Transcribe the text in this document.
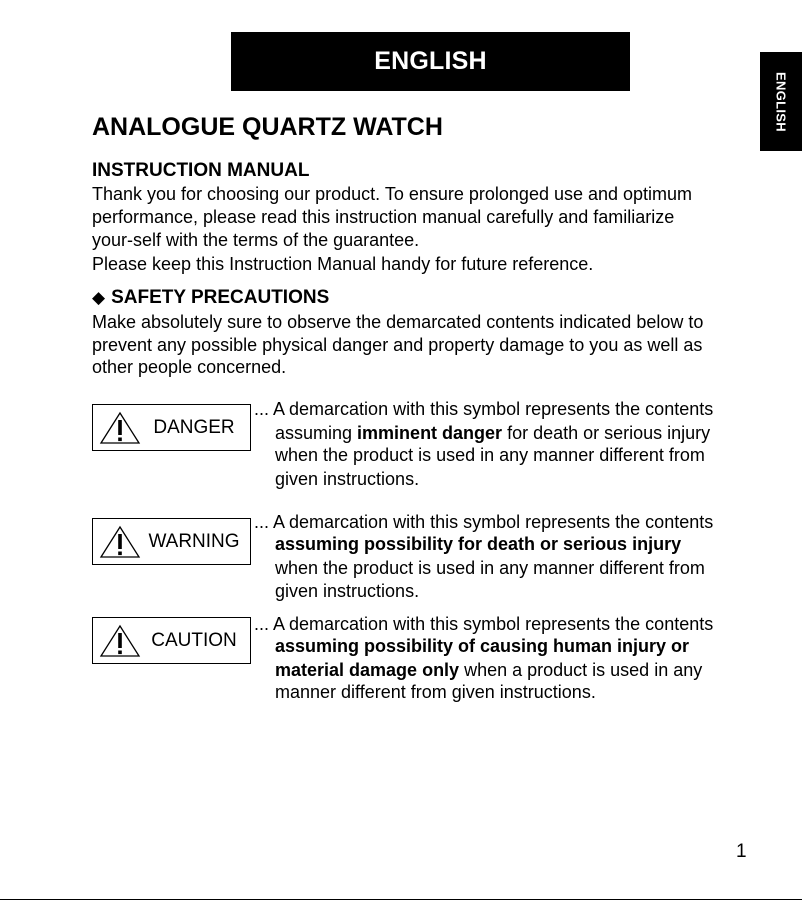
ENGLISH
ENGLISH
ANALOGUE QUARTZ WATCH
INSTRUCTION MANUAL

Thank you for choosing our product. To ensure prolonged use and optimum
performance, please read this instruction manual carefully and familiarize
your-self with the terms of the guarantee.

Please keep this Instruction Manual handy for future reference.

◆ SAFETY PRECAUTIONS

Make absolutely sure to observe the demarcated contents indicated below to
prevent any possible physical danger and property damage to you as well as
other people concerned.

DANGER

... A demarcation with this symbol represents the contents
assuming imminent danger for death or serious injury
when the product is used in any manner different from
given instructions.

WARNING

... A demarcation with this symbol represents the contents
assuming possibility for death or serious injury
when the product is used in any manner different from
given instructions.

CAUTION

... A demarcation with this symbol represents the contents
assuming possibility of causing human injury or
material damage only when a product is used in any
manner different from given instructions.

1
